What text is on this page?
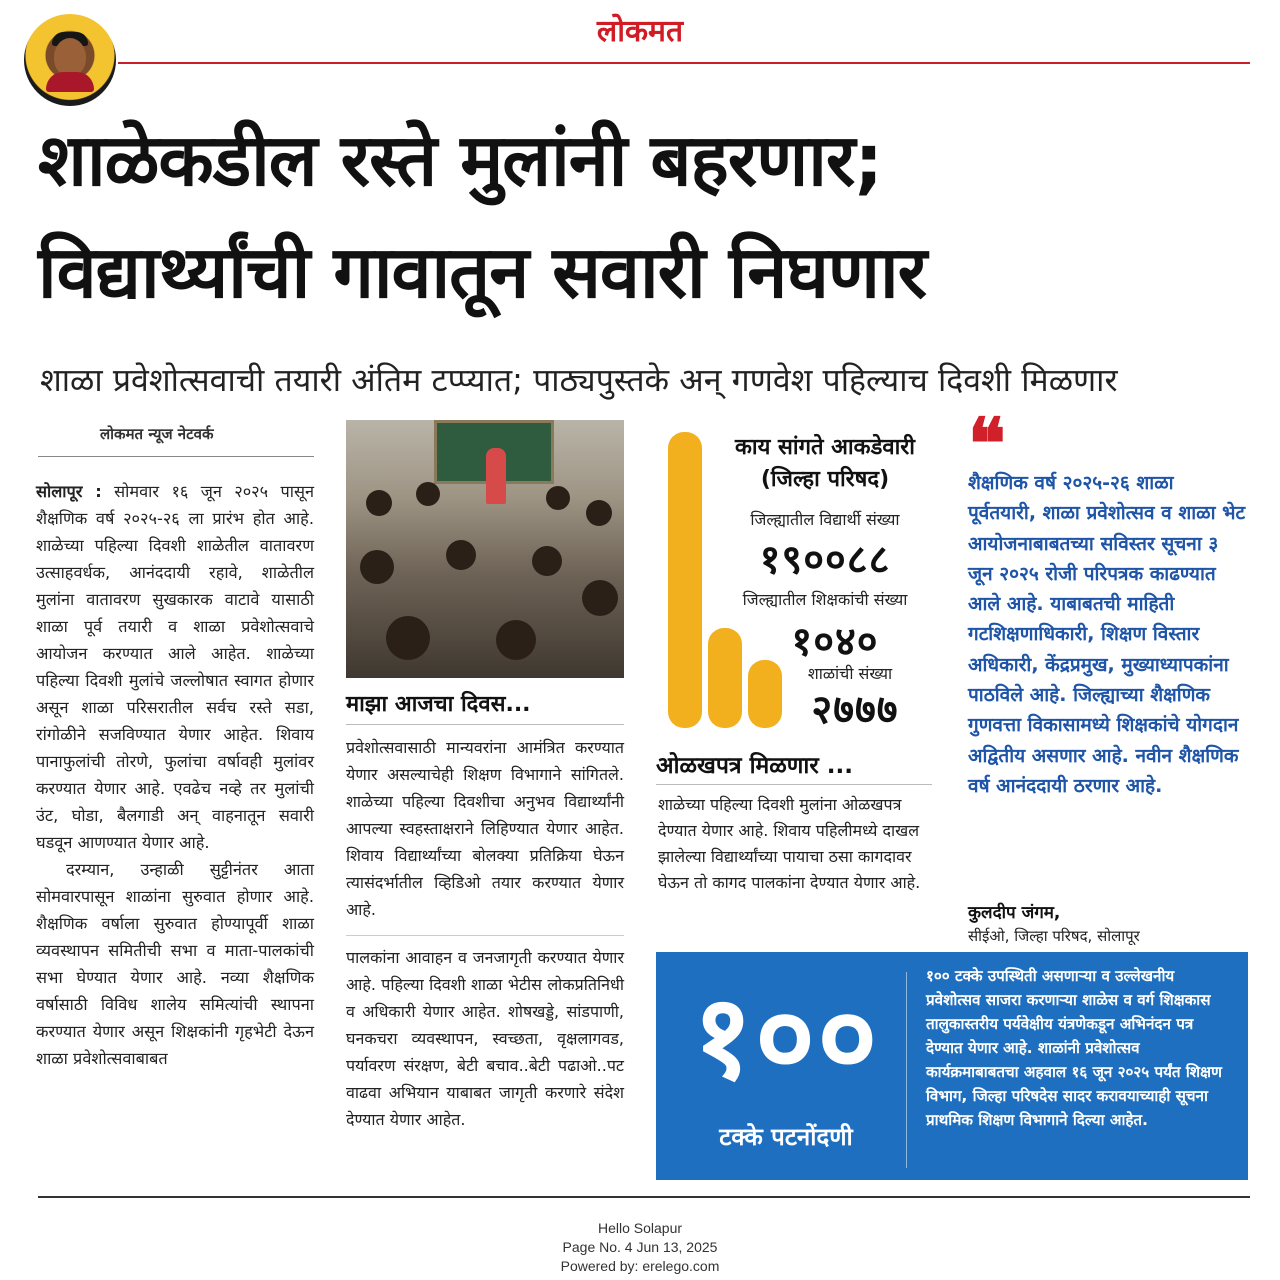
लोकमत
शाळेकडील रस्ते मुलांनी बहरणार;
विद्यार्थ्यांची गावातून सवारी निघणार
शाळा प्रवेशोत्सवाची तयारी अंतिम टप्प्यात; पाठ्यपुस्तके अन् गणवेश पहिल्याच दिवशी मिळणार
लोकमत न्यूज नेटवर्क

सोलापूर : सोमवार १६ जून २०२५ पासून शैक्षणिक वर्ष २०२५-२६ ला प्रारंभ होत आहे. शाळेच्या पहिल्या दिवशी शाळेतील वातावरण उत्साहवर्धक, आनंददायी रहावे, शाळेतील मुलांना वातावरण सुखकारक वाटावे यासाठी शाळा पूर्व तयारी व शाळा प्रवेशोत्सवाचे आयोजन करण्यात आले आहेत. शाळेच्या पहिल्या दिवशी मुलांचे जल्लोषात स्वागत होणार असून शाळा परिसरातील सर्वच रस्ते सडा, रांगोळीने सजविण्यात येणार आहेत. शिवाय पानाफुलांची तोरणे, फुलांचा वर्षावही मुलांवर करण्यात येणार आहे. एवढेच नव्हे तर मुलांची उंट, घोडा, बैलगाडी अन् वाहनातून सवारी घडवून आणण्यात येणार आहे.

दरम्यान, उन्हाळी सुट्टीनंतर आता सोमवारपासून शाळांना सुरुवात होणार आहे. शैक्षणिक वर्षाला सुरुवात होण्यापूर्वी शाळा व्यवस्थापन समितीची सभा व माता-पालकांची सभा घेण्यात येणार आहे. नव्या शैक्षणिक वर्षासाठी विविध शालेय समित्यांची स्थापना करण्यात येणार असून शिक्षकांनी गृहभेटी देऊन शाळा प्रवेशोत्सवाबाबत

माझा आजचा दिवस...

प्रवेशोत्सवासाठी मान्यवरांना आमंत्रित करण्यात येणार असल्याचेही शिक्षण विभागाने सांगितले. शाळेच्या पहिल्या दिवशीचा अनुभव विद्यार्थ्यांनी आपल्या स्वहस्ताक्षराने लिहिण्यात येणार आहेत. शिवाय विद्यार्थ्यांच्या बोलक्या प्रतिक्रिया घेऊन त्यासंदर्भातील व्हिडिओ तयार करण्यात येणार आहे.

पालकांना आवाहन व जनजागृती करण्यात येणार आहे. पहिल्या दिवशी शाळा भेटीस लोकप्रतिनिधी व अधिकारी येणार आहेत. शोषखड्डे, सांडपाणी, घनकचरा व्यवस्थापन, स्वच्छता, वृक्षलागवड, पर्यावरण संरक्षण, बेटी बचाव..बेटी पढाओ..पट वाढवा अभियान याबाबत जागृती करणारे संदेश देण्यात येणार आहेत.

काय सांगते आकडेवारी
(जिल्हा परिषद)
जिल्ह्यातील विद्यार्थी संख्या
१९००८८
जिल्ह्यातील शिक्षकांची संख्या
१०४०
शाळांची संख्या
२७७७
ओळखपत्र मिळणार ...
शाळेच्या पहिल्या दिवशी मुलांना ओळखपत्र देण्यात येणार आहे. शिवाय पहिलीमध्ये दाखल झालेल्या विद्यार्थ्यांच्या पायाचा ठसा कागदावर घेऊन तो कागद पालकांना देण्यात येणार आहे.
❝
शैक्षणिक वर्ष २०२५-२६ शाळा पूर्वतयारी, शाळा प्रवेशोत्सव व शाळा भेट आयोजनाबाबतच्या सविस्तर सूचना ३ जून २०२५ रोजी परिपत्रक काढण्यात आले आहे. याबाबतची माहिती गटशिक्षणाधिकारी, शिक्षण विस्तार अधिकारी, केंद्रप्रमुख, मुख्याध्यापकांना पाठविले आहे. जिल्ह्याच्या शैक्षणिक गुणवत्ता विकासामध्ये शिक्षकांचे योगदान अद्वितीय असणार आहे. नवीन शैक्षणिक वर्ष आनंददायी ठरणार आहे.
कुलदीप जंगम,
सीईओ, जिल्हा परिषद, सोलापूर
१००
टक्के पटनोंदणी
१०० टक्के उपस्थिती असणाऱ्या व उल्लेखनीय प्रवेशोत्सव साजरा करणाऱ्या शाळेस व वर्ग शिक्षकास तालुकास्तरीय पर्यवेक्षीय यंत्रणेकडून अभिनंदन पत्र देण्यात येणार आहे. शाळांनी प्रवेशोत्सव कार्यक्रमाबाबतचा अहवाल १६ जून २०२५ पर्यंत शिक्षण विभाग, जिल्हा परिषदेस सादर करावयाच्याही सूचना प्राथमिक शिक्षण विभागाने दिल्या आहेत.
Hello Solapur
Page No. 4 Jun 13, 2025
Powered by: erelego.com
